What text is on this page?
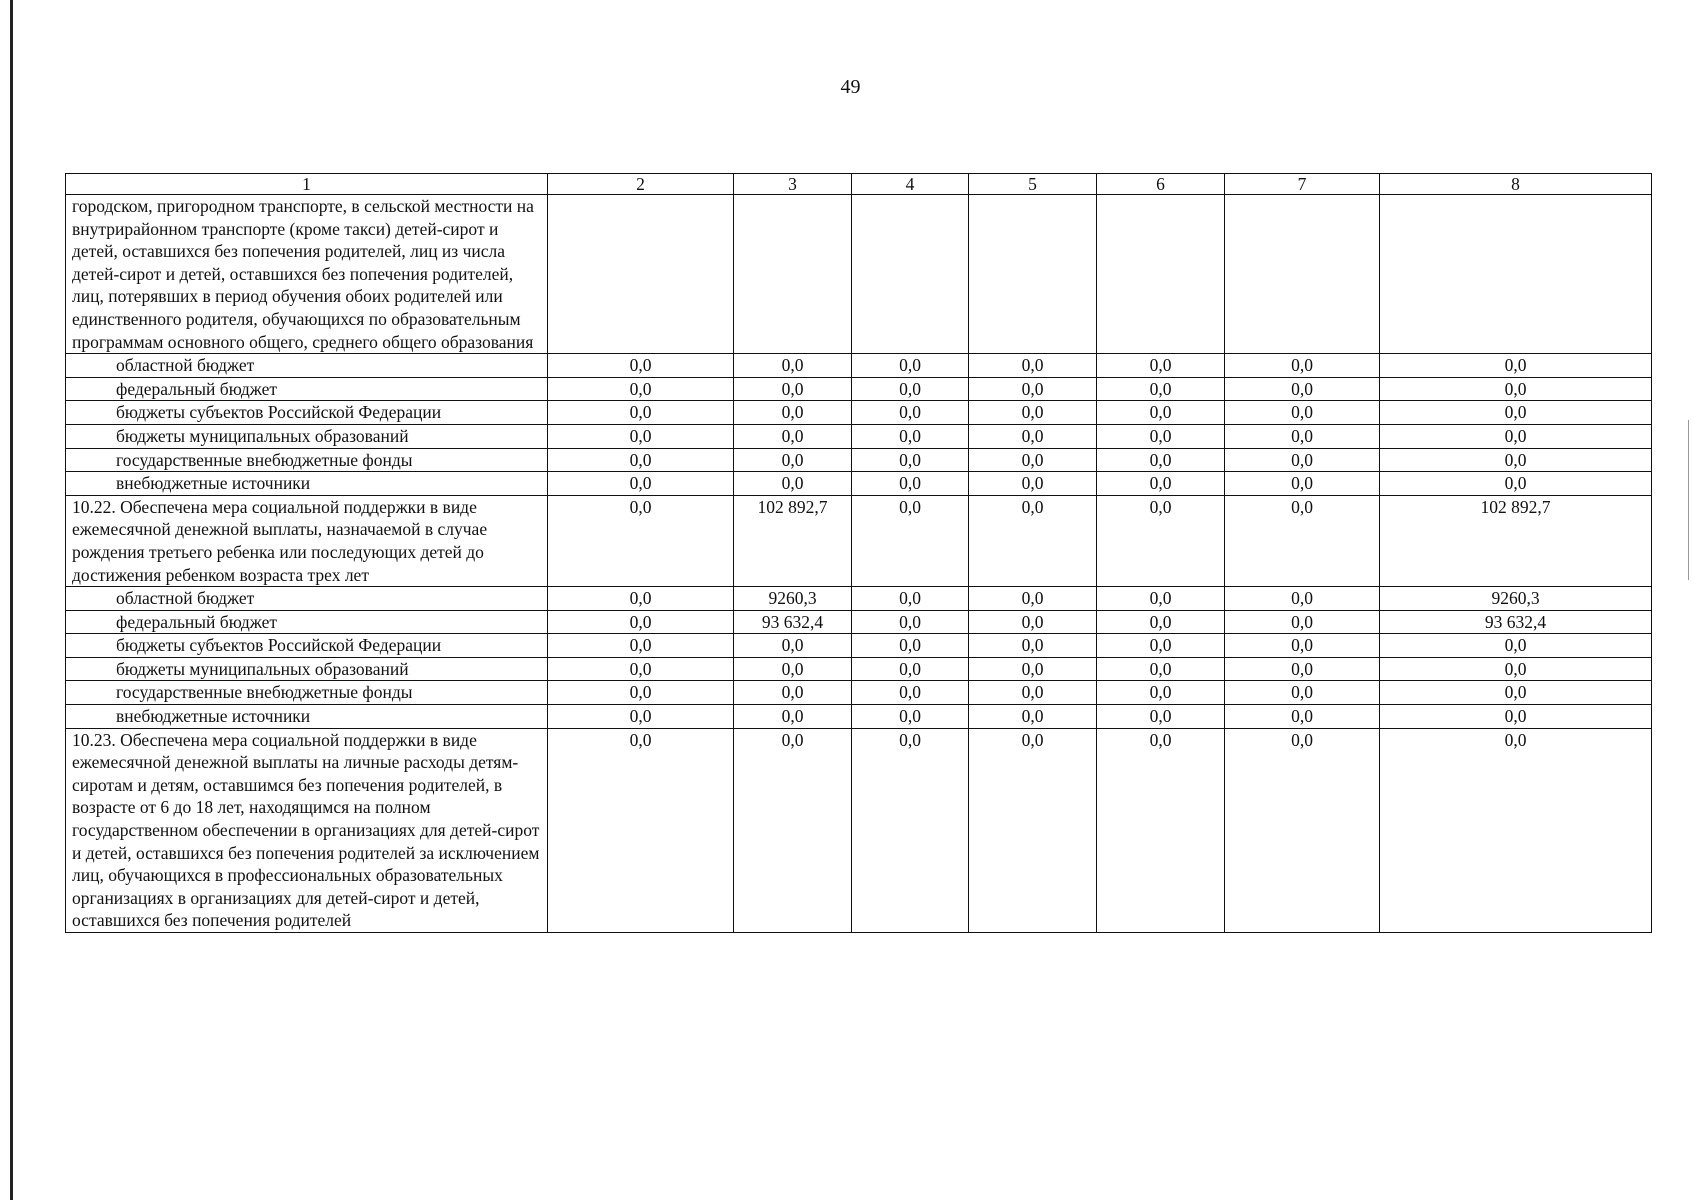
49
1	2	3	4	5	6	7	8
городском, пригородном транспорте, в сельской местности на внутрирайонном транспорте (кроме такси) детей-сирот и детей, оставшихся без попечения родителей, лиц из числа детей-сирот и детей, оставшихся без попечения родителей, лиц, потерявших в период обучения обоих родителей или единственного родителя, обучающихся по образовательным программам основного общего, среднего общего образования							
областной бюджет	0,0	0,0	0,0	0,0	0,0	0,0	0,0
федеральный бюджет	0,0	0,0	0,0	0,0	0,0	0,0	0,0
бюджеты субъектов Российской Федерации	0,0	0,0	0,0	0,0	0,0	0,0	0,0
бюджеты муниципальных образований	0,0	0,0	0,0	0,0	0,0	0,0	0,0
государственные внебюджетные фонды	0,0	0,0	0,0	0,0	0,0	0,0	0,0
внебюджетные источники	0,0	0,0	0,0	0,0	0,0	0,0	0,0
10.22. Обеспечена мера социальной поддержки в виде ежемесячной денежной выплаты, назначаемой в случае рождения третьего ребенка или последующих детей до достижения ребенком возраста трех лет	0,0	102 892,7	0,0	0,0	0,0	0,0	102 892,7
областной бюджет	0,0	9260,3	0,0	0,0	0,0	0,0	9260,3
федеральный бюджет	0,0	93 632,4	0,0	0,0	0,0	0,0	93 632,4
бюджеты субъектов Российской Федерации	0,0	0,0	0,0	0,0	0,0	0,0	0,0
бюджеты муниципальных образований	0,0	0,0	0,0	0,0	0,0	0,0	0,0
государственные внебюджетные фонды	0,0	0,0	0,0	0,0	0,0	0,0	0,0
внебюджетные источники	0,0	0,0	0,0	0,0	0,0	0,0	0,0
10.23. Обеспечена мера социальной поддержки в виде ежемесячной денежной выплаты на личные расходы детям-сиротам и детям, оставшимся без попечения родителей, в возрасте от 6 до 18 лет, находящимся на полном государственном обеспечении в организациях для детей-сирот и детей, оставшихся без попечения родителей за исключением лиц, обучающихся в профессиональных образовательных организациях в организациях для детей-сирот и детей, оставшихся без попечения родителей	0,0	0,0	0,0	0,0	0,0	0,0	0,0
